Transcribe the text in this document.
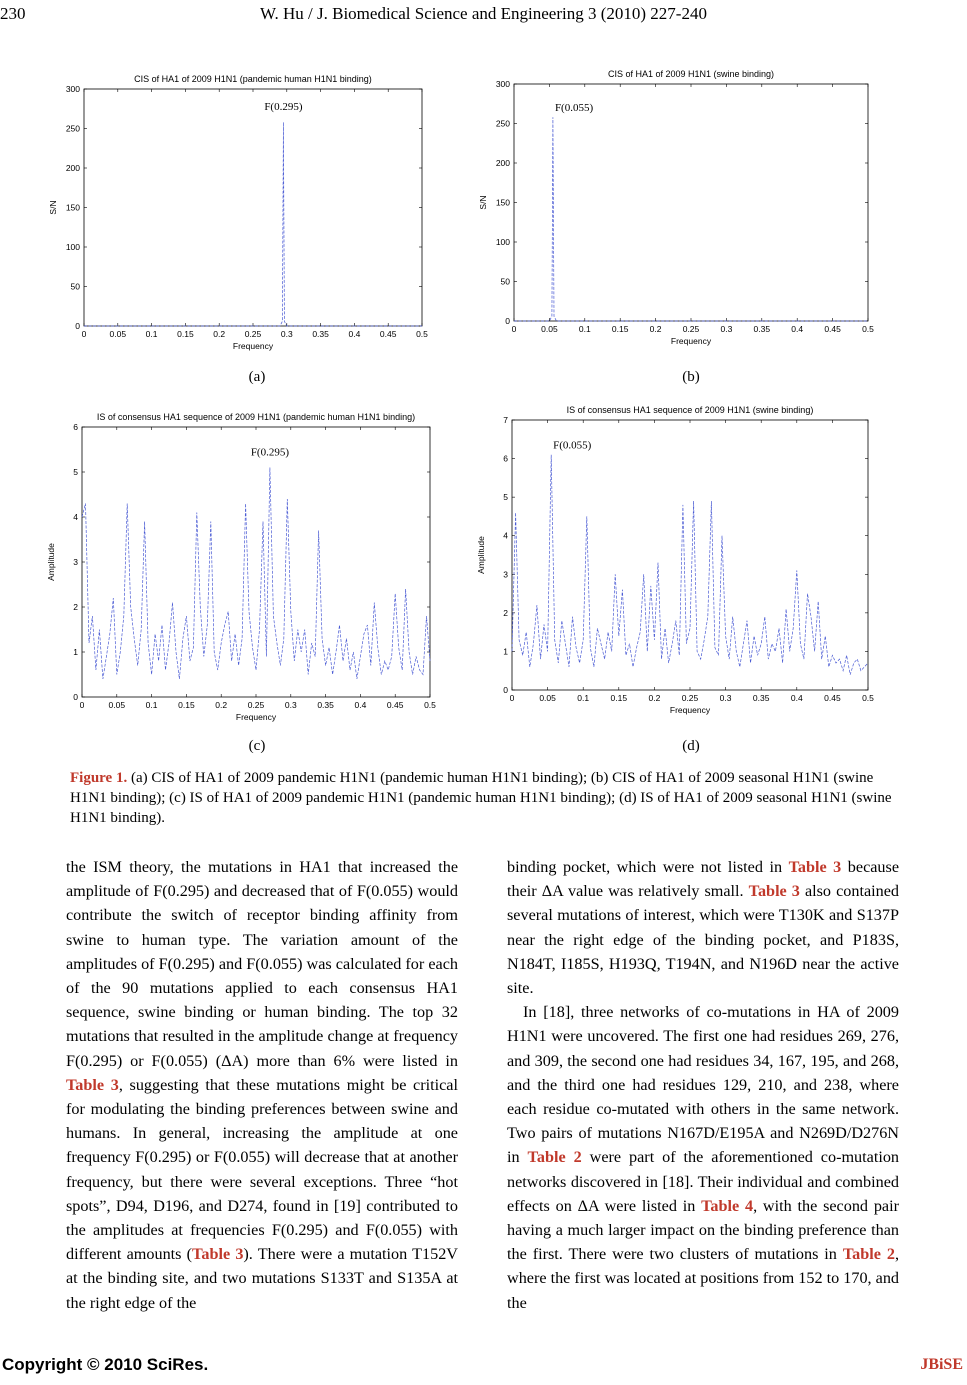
230	W. Hu / J. Biomedical Science and Engineering 3 (2010) 227-240
CIS of HA1 of 2009 H1N1 (pandemic human H1N1 binding)
0	0.05 0.1 0.15 0.2 0.25 0.3 0.35 0.4 0.45 0.5
0
50
100
150
200
250
300
Frequency
S/N
F(0.295)
CIS of HA1 of 2009 H1N1 (swine binding)
0	0.05 0.1 0.15 0.2 0.25 0.3 0.35 0.4 0.45 0.5
0
50
100
150
200
250
300
Frequency
S/N
F(0.055)
IS of consensus HA1 sequence of 2009 H1N1 (pandemic human H1N1 binding)
0	0.05 0.1 0.15 0.2 0.25 0.3 0.35 0.4 0.45 0.5
0
1
2
3
4
5
6
Frequency
Amplitude
F(0.295)
IS of consensus HA1 sequence of 2009 H1N1 (swine binding)
0	0.05	0.1	0.15	0.2	0.25	0.3	0.35	0.4	0.45	0.5
0
1
2
3
4
5
6
7
Frequency
Amplitude
F(0.055)
(a)	(b)
(c)	(d)
Figure 1. (a) CIS of HA1 of 2009 pandemic H1N1 (pandemic human H1N1 binding); (b) CIS of HA1 of 2009 seasonal H1N1 (swine H1N1 binding); (c) IS of HA1 of 2009 pandemic H1N1 (pandemic human H1N1 binding); (d) IS of HA1 of 2009 seasonal H1N1 (swine H1N1 binding).

the ISM theory, the mutations in HA1 that increased the amplitude of F(0.295) and decreased that of F(0.055) would contribute the switch of receptor binding affinity from swine to human type. The variation amount of the amplitudes of F(0.295) and F(0.055) was calculated for each of the 90 mutations applied to each consensus HA1 sequence, swine binding or human binding. The top 32 mutations that resulted in the amplitude change at frequency F(0.295) or F(0.055) (ΔA) more than 6% were listed in Table 3, suggesting that these mutations might be critical for modulating the binding preferences between swine and humans. In general, increasing the amplitude at one frequency F(0.295) or F(0.055) will decrease that at another frequency, but there were several exceptions. Three “hot spots”, D94, D196, and D274, found in [19] contributed to the amplitudes at frequencies F(0.295) and F(0.055) with different amounts (Table 3). There were a mutation T152V at the binding site, and two mutations S133T and S135A at the right edge of the

binding pocket, which were not listed in Table 3 because their ΔA value was relatively small. Table 3 also contained several mutations of interest, which were T130K and S137P near the right edge of the binding pocket, and P183S, N184T, I185S, H193Q, T194N, and N196D near the active site.

In [18], three networks of co-mutations in HA of 2009 H1N1 were uncovered. The first one had residues 269, 276, and 309, the second one had residues 34, 167, 195, and 268, and the third one had residues 129, 210, and 238, where each residue co-mutated with others in the same network. Two pairs of mutations N167D/E195A and N269D/D276N in Table 2 were part of the aforementioned co-mutation networks discovered in [18]. Their individual and combined effects on ΔA were listed in Table 4, with the second pair having a much larger impact on the binding preference than the first. There were two clusters of mutations in Table 2, where the first was located at positions from 152 to 170, and the

Copyright © 2010 SciRes.	JBiSE
